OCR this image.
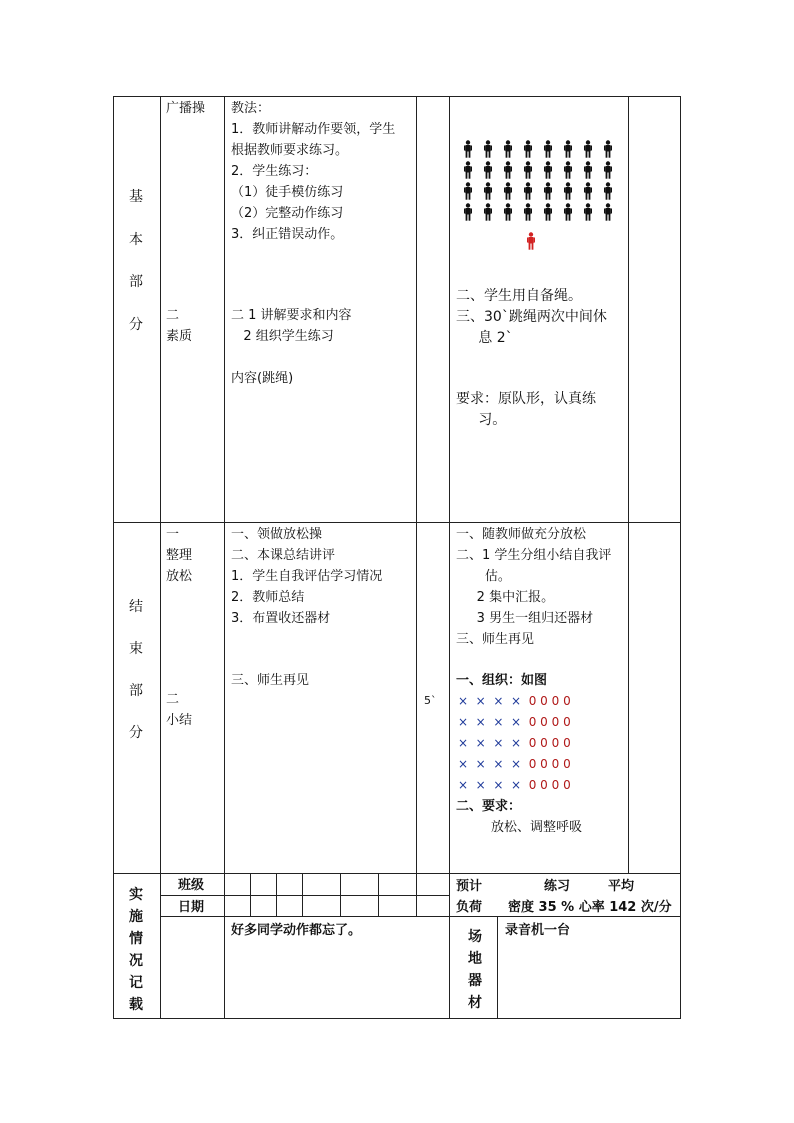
基
本
部
分
广播操
二
素质
教法：
1．教师讲解动作要领，学生
根据教师要求练习。
2．学生练习：
（1）徒手模仿练习
（2）完整动作练习
3．纠正错误动作。
二 1 讲解要求和内容
2 组织学生练习
内容(跳绳)
二、学生用自备绳。
三、30`跳绳两次中间休
息 2`
要求：原队形，认真练
习。
结
束
部
分
一
整理
放松
二
小结
一、领做放松操
二、本课总结讲评
1．学生自我评估学习情况
2．教师总结
3．布置收还器材
三、师生再见
5`
一、随教师做充分放松
二、1 学生分组小结自我评
估。
2 集中汇报。
3 男生一组归还器材
三、师生再见
一、组织：如图
×  ×  ×  ×  0 0 0 0
×  ×  ×  ×  0 0 0 0
×  ×  ×  ×  0 0 0 0
×  ×  ×  ×  0 0 0 0
×  ×  ×  ×  0 0 0 0
二、要求：
放松、调整呼吸
实
施
情
况
记
载
班级
日期
好多同学动作都忘了。
预计
负荷
练习	平均
密度 35 % 心率 142 次/分
场
地
器
材
录音机一台
